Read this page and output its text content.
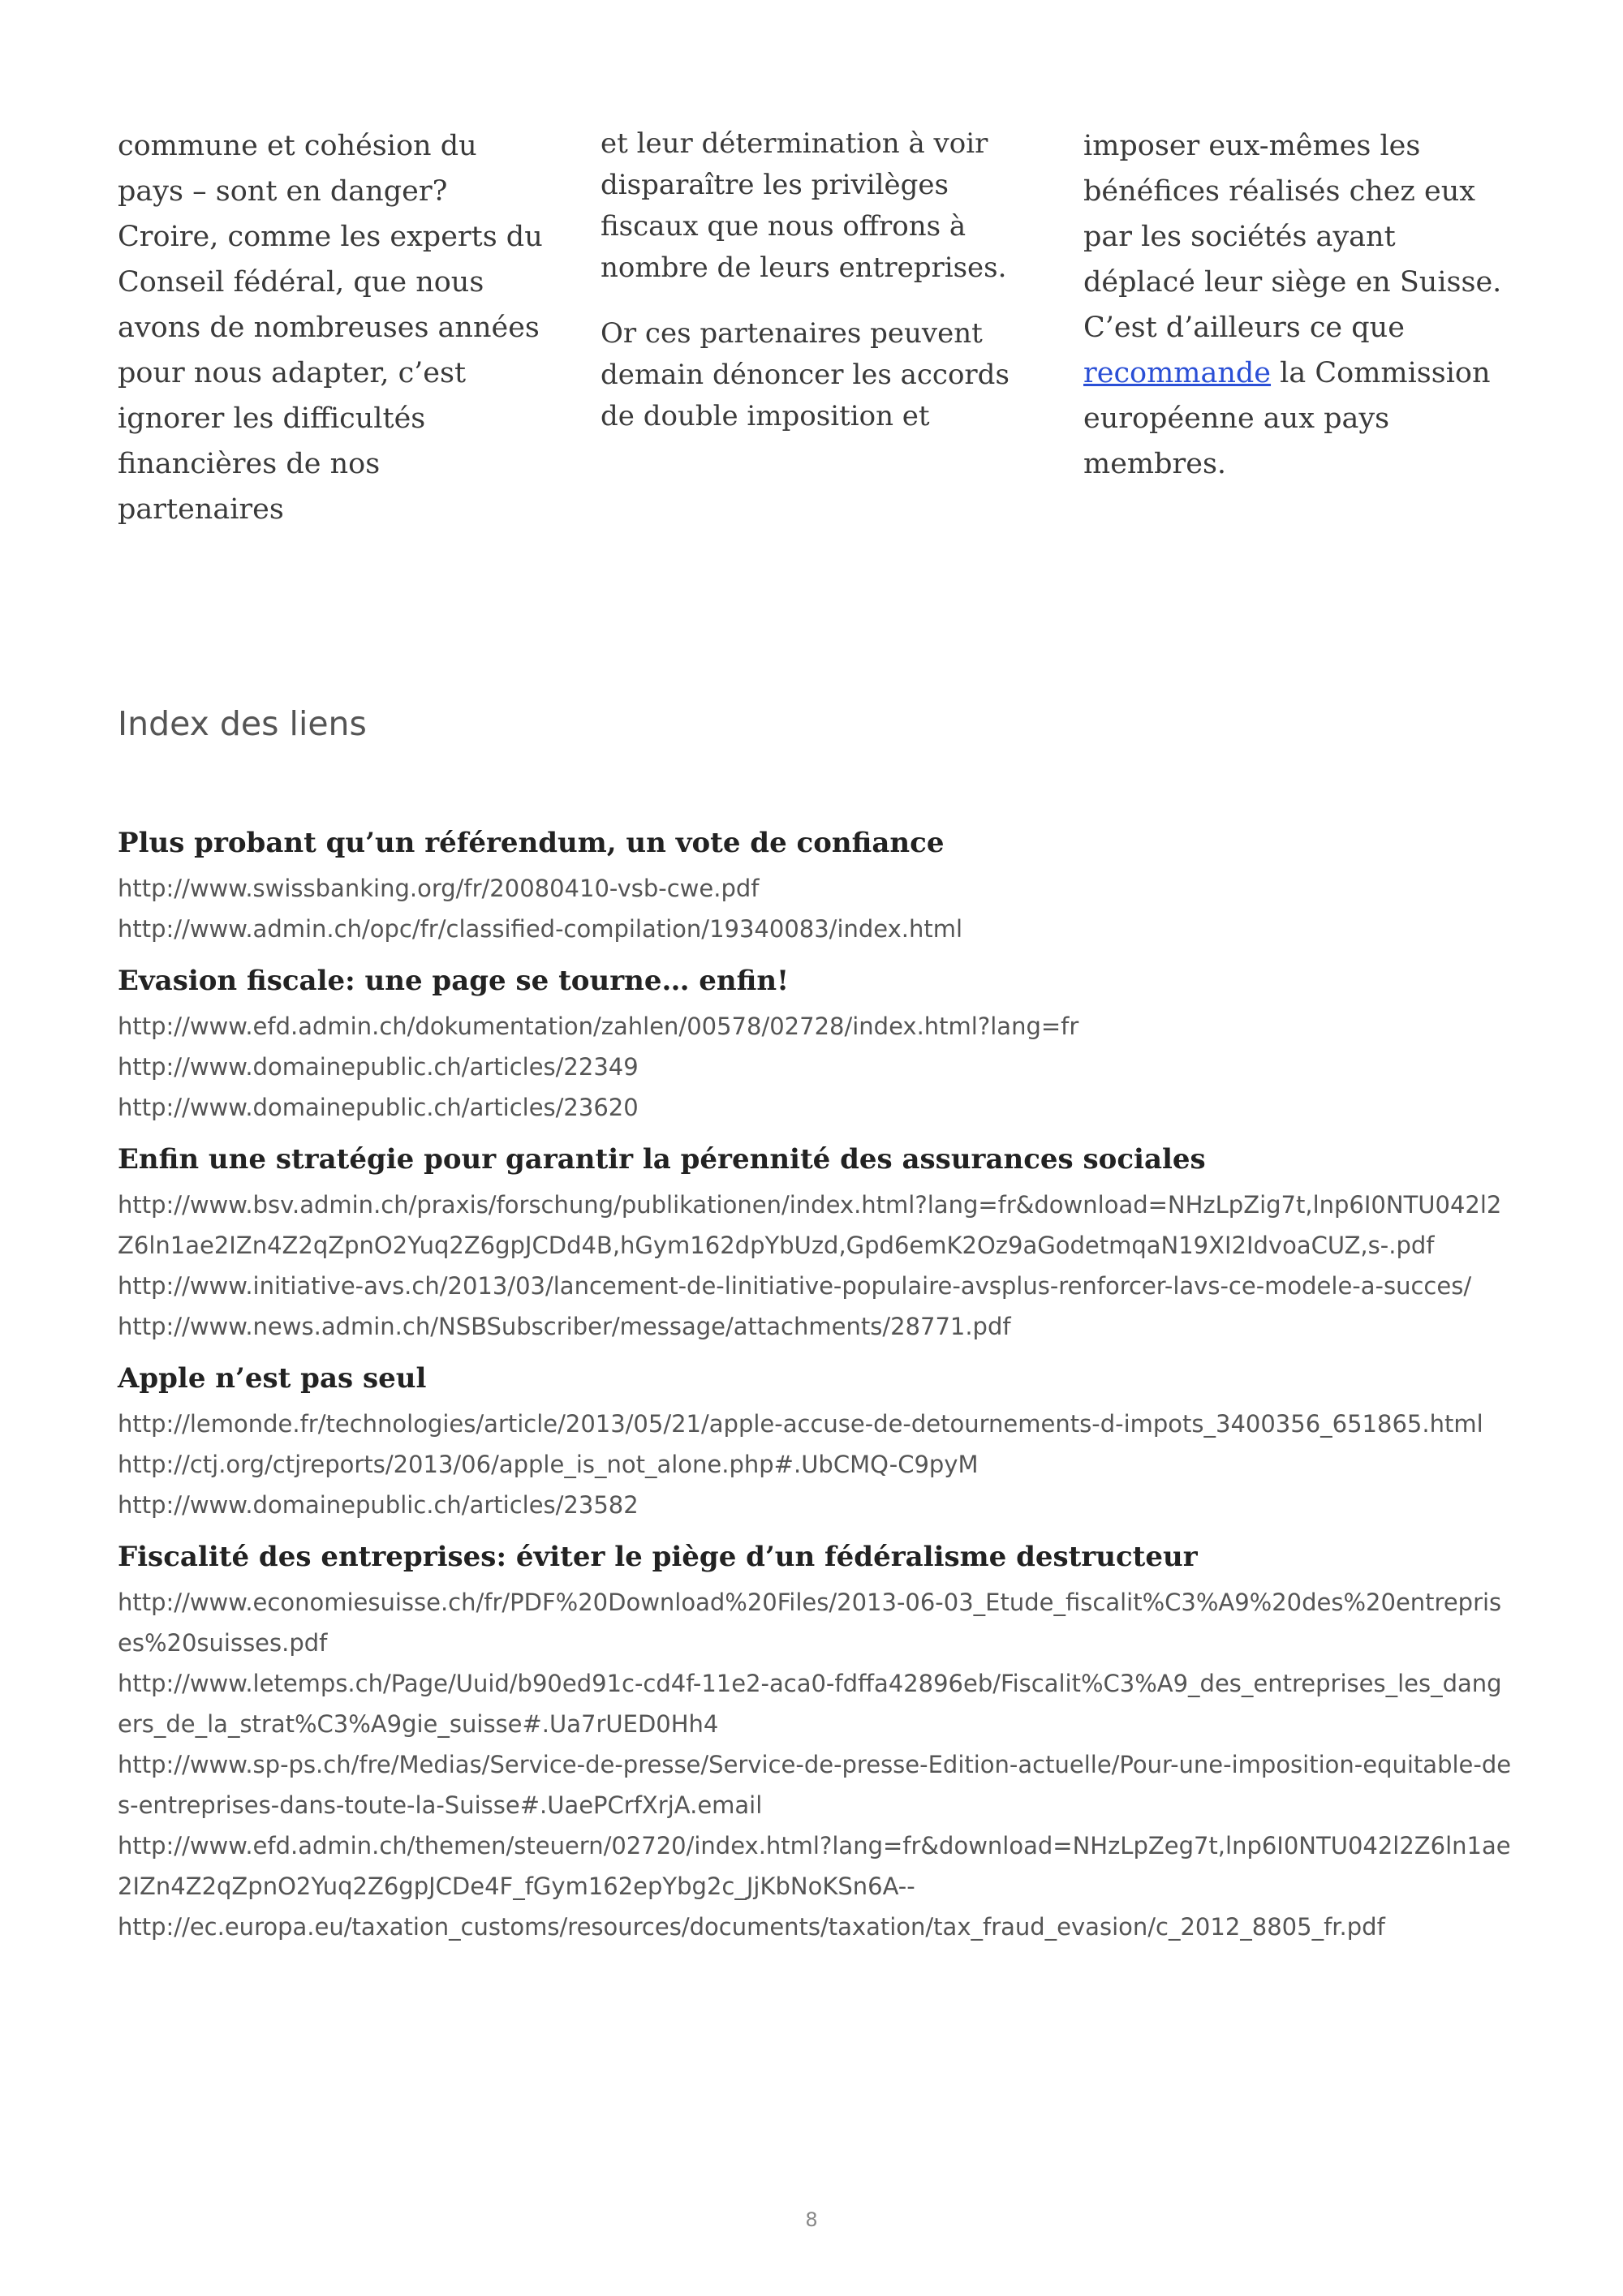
commune et cohésion du pays – sont en danger? Croire, comme les experts du Conseil fédéral, que nous avons de nombreuses années pour nous adapter, c’est ignorer les difficultés financières de nos partenaires

et leur détermination à voir disparaître les privilèges fiscaux que nous offrons à nombre de leurs entreprises.

Or ces partenaires peuvent demain dénoncer les accords de double imposition et

imposer eux-mêmes les bénéfices réalisés chez eux par les sociétés ayant déplacé leur siège en Suisse. C’est d’ailleurs ce que recommande la Commission européenne aux pays membres.

Index des liens
Plus probant qu’un référendum, un vote de confiance
http://www.swissbanking.org/fr/20080410-vsb-cwe.pdf
http://www.admin.ch/opc/fr/classified-compilation/19340083/index.html
Evasion fiscale: une page se tourne… enfin!
http://www.efd.admin.ch/dokumentation/zahlen/00578/02728/index.html?lang=fr
http://www.domainepublic.ch/articles/22349
http://www.domainepublic.ch/articles/23620
Enfin une stratégie pour garantir la pérennité des assurances sociales
http://www.bsv.admin.ch/praxis/forschung/publikationen/index.html?lang=fr&download=NHzLpZig7t,lnp6I0NTU042l2Z6ln1ae2IZn4Z2qZpnO2Yuq2Z6gpJCDd4B,hGym162dpYbUzd,Gpd6emK2Oz9aGodetmqaN19XI2IdvoaCUZ,s-.pdf
http://www.initiative-avs.ch/2013/03/lancement-de-linitiative-populaire-avsplus-renforcer-lavs-ce-modele-a-succes/
http://www.news.admin.ch/NSBSubscriber/message/attachments/28771.pdf
Apple n’est pas seul
http://lemonde.fr/technologies/article/2013/05/21/apple-accuse-de-detournements-d-impots_3400356_651865.html
http://ctj.org/ctjreports/2013/06/apple_is_not_alone.php#.UbCMQ-C9pyM
http://www.domainepublic.ch/articles/23582
Fiscalité des entreprises: éviter le piège d’un fédéralisme destructeur
http://www.economiesuisse.ch/fr/PDF%20Download%20Files/2013-06-03_Etude_fiscalit%C3%A9%20des%20entreprises%20suisses.pdf
http://www.letemps.ch/Page/Uuid/b90ed91c-cd4f-11e2-aca0-fdffa42896eb/Fiscalit%C3%A9_des_entreprises_les_dangers_de_la_strat%C3%A9gie_suisse#.Ua7rUED0Hh4
http://www.sp-ps.ch/fre/Medias/Service-de-presse/Service-de-presse-Edition-actuelle/Pour-une-imposition-equitable-des-entreprises-dans-toute-la-Suisse#.UaePCrfXrjA.email
http://www.efd.admin.ch/themen/steuern/02720/index.html?lang=fr&download=NHzLpZeg7t,lnp6I0NTU042l2Z6ln1ae2IZn4Z2qZpnO2Yuq2Z6gpJCDe4F_fGym162epYbg2c_JjKbNoKSn6A--
http://ec.europa.eu/taxation_customs/resources/documents/taxation/tax_fraud_evasion/c_2012_8805_fr.pdf
8
